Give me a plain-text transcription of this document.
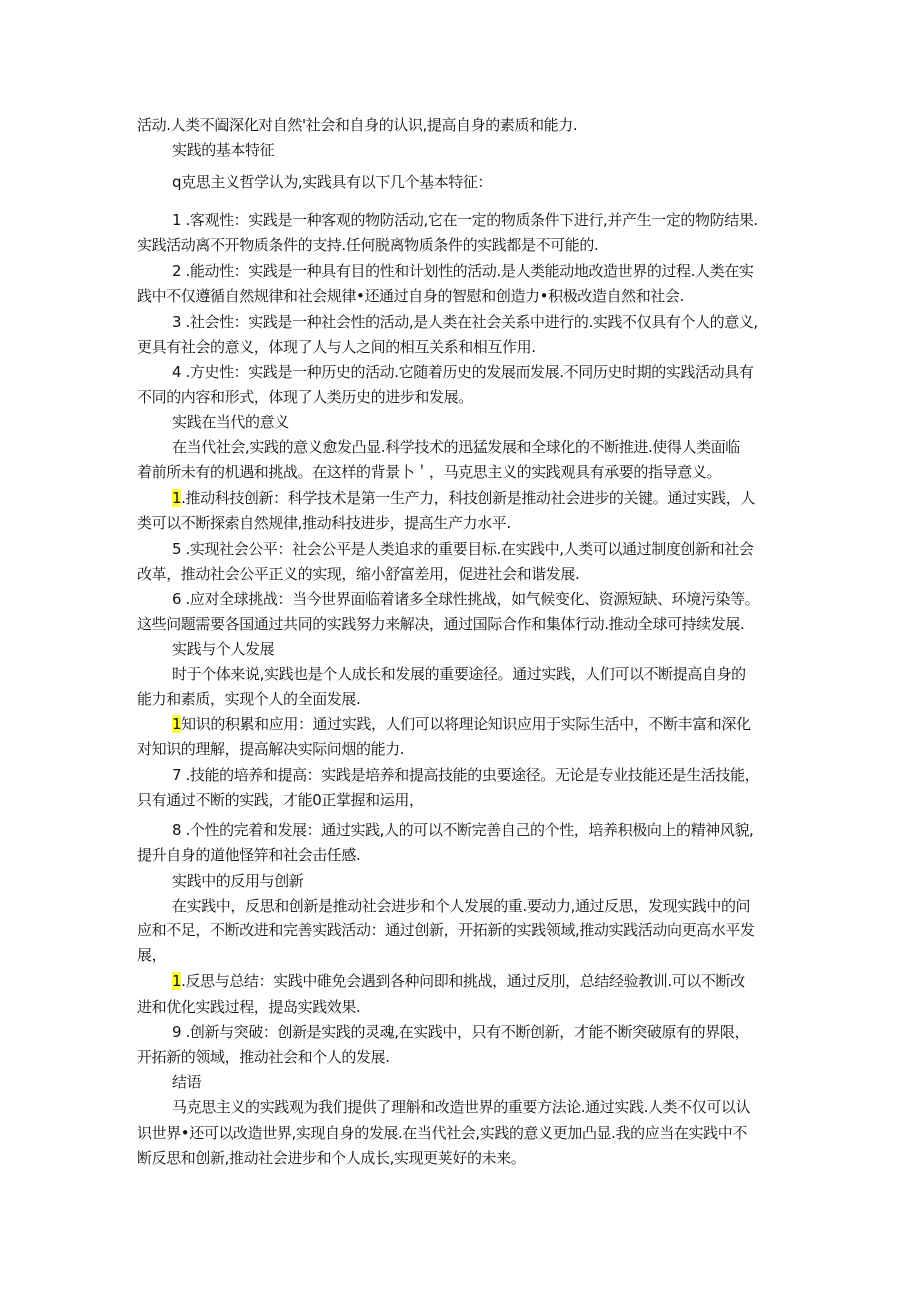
活动.人类不阖深化对自然'社会和自身的认识,提高自身的素质和能力.

实践的基本特征

q克思主义哲学认为,实践具有以下几个基本特征：

1 .客观性：实践是一种客观的物防活动,它在一定的物质条件下进行,并产生一定的物防结果.

实践活动离不开物质条件的支持.任何脱离物质条件的实践都是不可能的.

2 .能动性：实践是一种具有目的性和计划性的活动.是人类能动地改造世界的过程.人类在实

践中不仅遵循自然规律和社会规律•还通过自身的智慰和创造力•积极改造自然和社会.

3 .社会性：实践是一种社会性的活动,是人类在社会关系中进行的.实践不仅具有个人的意义,

更具有社会的意义，体现了人与人之间的相互关系和相互作用.

4 .方史性：实践是一种历史的活动.它随着历史的发展而发展.不同历史时期的实践活动具有

不同的内容和形式，体现了人类历史的进步和发展。

实践在当代的意义

在当代社会,实践的意义愈发凸显.科学技术的迅猛发展和全球化的不断推进.使得人类面临

着前所未有的机遇和挑战。在这样的背景卜＇，马克思主义的实践观具有承要的指导意义。

1.推动科技创新：科学技术是第一生产力，科技创新是推动社会进步的关键。通过实践，人

类可以不断探索自然规律,推动科技进步，提高生产力水平.

5 .实现社会公平：社会公平是人类追求的重要目标.在实践中,人类可以通过制度创新和社会

改革，推动社会公平正义的实现，缩小舒富差用，促进社会和谐发展.

6 .应对全球挑战：当今世界面临着诸多全球性挑战，如气候变化、资源短缺、环境污染等。

这些问题需要各国通过共同的实践努力来解决，通过国际合作和集体行动.推动全球可持续发展.

实践与个人发展

时于个体来说,实践也是个人成长和发展的重要途径。通过实践，人们可以不断提高自身的

能力和素质，实现个人的全面发展.

1知识的积累和应用：通过实践，人们可以将理论知识应用于实际生活中，不断丰富和深化

对知识的理解，提高解决实际问烟的能力.

7 .技能的培养和提高：实践是培养和提高技能的虫要途径。无论是专业技能还是生活技能，

只有通过不断的实践，才能0正掌握和运用，

8 .个性的完着和发展：通过实践,人的可以不断完善自己的个性，培养积极向上的精神风貌,

提升自身的道他怪笄和社会击任感.

实践中的反用与创新

在实践中，反思和创新是推动社会进步和个人发展的重.要动力,通过反思，发现实践中的问

应和不足，不断改进和完善实践活动：通过创新，开拓新的实践领域,推动实践活动向更高水平发

展，

1.反思与总结：实践中碓免会遇到各种问即和挑战，通过反刖，总结经验教训.可以不断改

进和优化实践过程，提岛实践效果.

9 .创新与突破：创新是实践的灵魂,在实践中，只有不断创新，才能不断突破原有的界限，

开拓新的领域，推动社会和个人的发展.

结语

马克思主义的实践观为我们提供了理斛和改造世界的重要方法论.通过实践.人类不仅可以认

识世界•还可以改造世界,实现自身的发展.在当代社会,实践的意义更加凸显.我的应当在实践中不

断反思和创新,推动社会进步和个人成长,实现更荚好的未来。
